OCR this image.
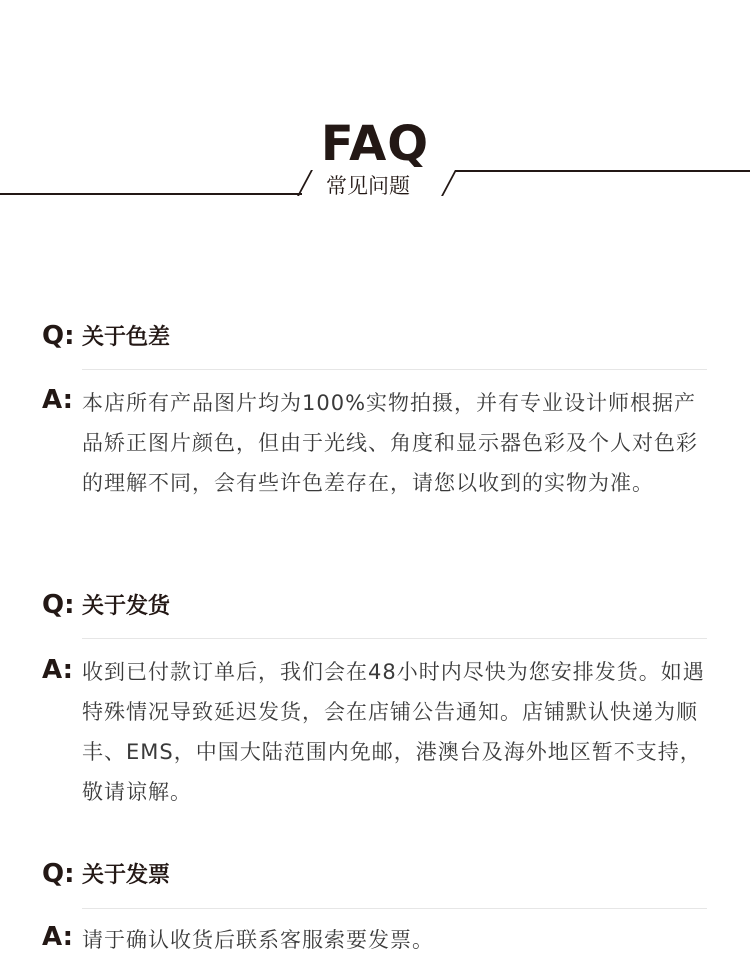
FAQ
常见问题
Q: 关于色差
A: 本店所有产品图片均为100%实物拍摄，并有专业设计师根据产品矫正图片颜色，但由于光线、角度和显示器色彩及个人对色彩的理解不同，会有些许色差存在，请您以收到的实物为准。
Q: 关于发货
A: 收到已付款订单后，我们会在48小时内尽快为您安排发货。如遇特殊情况导致延迟发货，会在店铺公告通知。店铺默认快递为顺丰、EMS，中国大陆范围内免邮，港澳台及海外地区暂不支持，敬请谅解。
Q: 关于发票
A: 请于确认收货后联系客服索要发票。
